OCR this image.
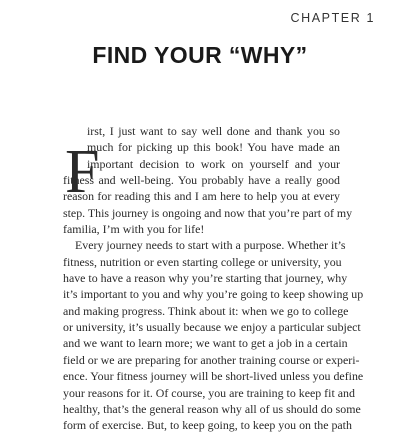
CHAPTER 1
FIND YOUR “WHY”
F
irst, I just want to say well done and thank you so
much for picking up this book! You have made an
important decision to work on yourself and your
fitness and well-being. You probably have a really good
reason for reading this and I am here to help you at every
step. This journey is ongoing and now that you’re part of my
familia, I’m with you for life!
Every journey needs to start with a purpose. Whether it’s
fitness, nutrition or even starting college or university, you
have to have a reason why you’re starting that journey, why
it’s important to you and why you’re going to keep showing up
and making progress. Think about it: when we go to college
or university, it’s usually because we enjoy a particular subject
and we want to learn more; we want to get a job in a certain
field or we are preparing for another training course or experi-
ence. Your fitness journey will be short-lived unless you define
your reasons for it. Of course, you are training to keep fit and
healthy, that’s the general reason why all of us should do some
form of exercise. But, to keep going, to keep you on the path
